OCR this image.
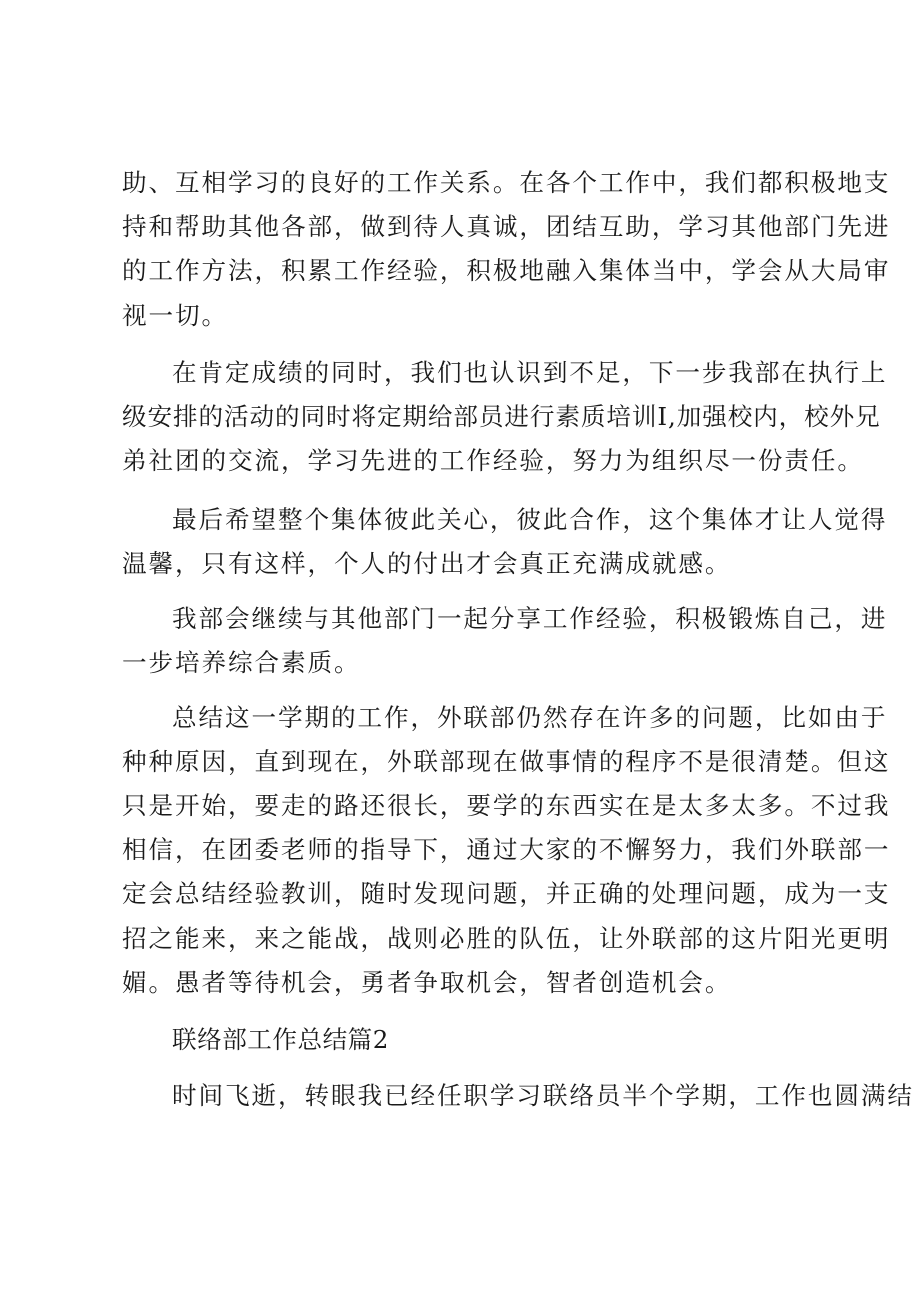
助、互相学习的良好的工作关系。在各个工作中，我们都积极地支

持和帮助其他各部，做到待人真诚，团结互助，学习其他部门先进

的工作方法，积累工作经验，积极地融入集体当中，学会从大局审

视一切。

在肯定成绩的同时，我们也认识到不足，下一步我部在执行上

级安排的活动的同时将定期给部员进行素质培训I,加强校内，校外兄

弟社团的交流，学习先进的工作经验，努力为组织尽一份责任。

最后希望整个集体彼此关心，彼此合作，这个集体才让人觉得

温馨，只有这样，个人的付出才会真正充满成就感。

我部会继续与其他部门一起分享工作经验，积极锻炼自己，进

一步培养综合素质。

总结这一学期的工作，外联部仍然存在许多的问题，比如由于

种种原因，直到现在，外联部现在做事情的程序不是很清楚。但这

只是开始，要走的路还很长，要学的东西实在是太多太多。不过我

相信，在团委老师的指导下，通过大家的不懈努力，我们外联部一

定会总结经验教训，随时发现问题，并正确的处理问题，成为一支

招之能来，来之能战，战则必胜的队伍，让外联部的这片阳光更明

媚。愚者等待机会，勇者争取机会，智者创造机会。

联络部工作总结篇2

时间飞逝，转眼我已经任职学习联络员半个学期，工作也圆满结
